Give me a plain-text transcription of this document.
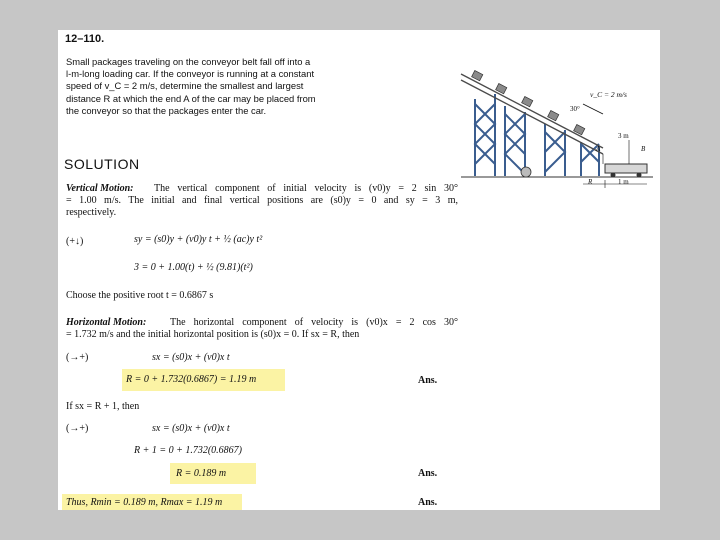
12–110.
Small packages traveling on the conveyor belt fall off into a
l-m-long loading car. If the conveyor is running at a constant
speed of v_C = 2 m/s, determine the smallest and largest
distance R at which the end A of the car may be placed from
the conveyor so that the packages enter the car.
v_C = 2 m/s
30°
3 m
A	B
R	1 m
SOLUTION
Vertical Motion:	The vertical component of initial velocity is (v0)y = 2 sin 30°
= 1.00 m/s. The initial and final vertical positions are (s0)y = 0 and sy = 3 m,
respectively.
(+↓)	sy = (s0)y + (v0)y t + ½ (ac)y t²
3 = 0 + 1.00(t) + ½ (9.81)(t²)
Choose the positive root t = 0.6867 s
Horizontal Motion:	The horizontal component of velocity is (v0)x = 2 cos 30°
= 1.732 m/s and the initial horizontal position is (s0)x = 0. If sx = R, then
(→+)	sx = (s0)x + (v0)x t
R = 0 + 1.732(0.6867) = 1.19 m	Ans.
If sx = R + 1, then
(→+)	sx = (s0)x + (v0)x t
R + 1 = 0 + 1.732(0.6867)
R = 0.189 m	Ans.
Thus, Rmin = 0.189 m, Rmax = 1.19 m	Ans.
